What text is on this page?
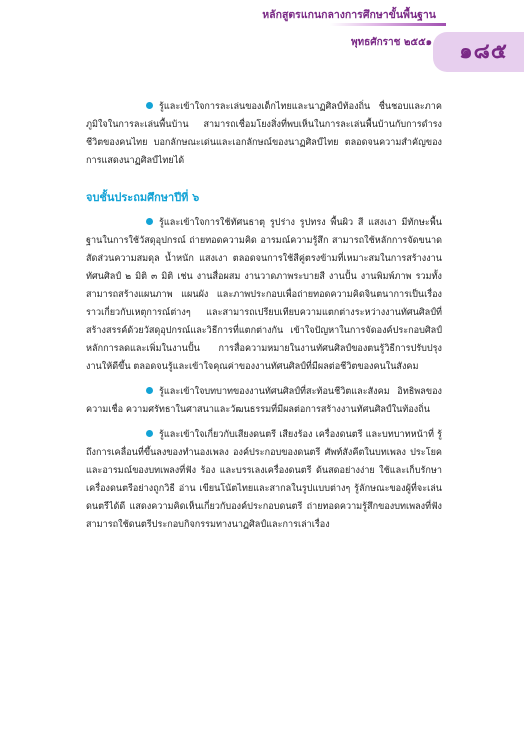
หลักสูตรแกนกลางการศึกษาขั้นพื้นฐาน
พุทธศักราช ๒๕๕๑	๑๘๕

รู้และเข้าใจการละเล่นของเด็กไทยและนาฏศิลป์ท้องถิ่น ชื่นชอบและภาคภูมิใจในการละเล่นพื้นบ้าน สามารถเชื่อมโยงสิ่งที่พบเห็นในการละเล่นพื้นบ้านกับการดำรงชีวิตของคนไทย บอกลักษณะเด่นและเอกลักษณ์ของนาฏศิลป์ไทย ตลอดจนความสำคัญของการแสดงนาฏศิลป์ไทยได้

จบชั้นประถมศึกษาปีที่ ๖

รู้และเข้าใจการใช้ทัศนธาตุ รูปร่าง รูปทรง พื้นผิว สี แสงเงา มีทักษะพื้นฐานในการใช้วัสดุอุปกรณ์ ถ่ายทอดความคิด อารมณ์ความรู้สึก สามารถใช้หลักการจัดขนาดสัดส่วนความสมดุล น้ำหนัก แสงเงา ตลอดจนการใช้สีคู่ตรงข้ามที่เหมาะสมในการสร้างงานทัศนศิลป์ ๒ มิติ ๓ มิติ เช่น งานสื่อผสม งานวาดภาพระบายสี งานปั้น งานพิมพ์ภาพ รวมทั้งสามารถสร้างแผนภาพ แผนผัง และภาพประกอบเพื่อถ่ายทอดความคิดจินตนาการเป็นเรื่องราวเกี่ยวกับเหตุการณ์ต่างๆ และสามารถเปรียบเทียบความแตกต่างระหว่างงานทัศนศิลป์ที่สร้างสรรค์ด้วยวัสดุอุปกรณ์และวิธีการที่แตกต่างกัน เข้าใจปัญหาในการจัดองค์ประกอบศิลป์ หลักการลดและเพิ่มในงานปั้น การสื่อความหมายในงานทัศนศิลป์ของตนรู้วิธีการปรับปรุงงานให้ดีขึ้น ตลอดจนรู้และเข้าใจคุณค่าของงานทัศนศิลป์ที่มีผลต่อชีวิตของคนในสังคม

รู้และเข้าใจบทบาทของงานทัศนศิลป์ที่สะท้อนชีวิตและสังคม อิทธิพลของความเชื่อ ความศรัทธาในศาสนาและวัฒนธรรมที่มีผลต่อการสร้างงานทัศนศิลป์ในท้องถิ่น

รู้และเข้าใจเกี่ยวกับเสียงดนตรี เสียงร้อง เครื่องดนตรี และบทบาทหน้าที่ รู้ถึงการเคลื่อนที่ขึ้นลงของทำนองเพลง องค์ประกอบของดนตรี ศัพท์สังคีตในบทเพลง ประโยคและอารมณ์ของบทเพลงที่ฟัง ร้อง และบรรเลงเครื่องดนตรี ด้นสดอย่างง่าย ใช้และเก็บรักษาเครื่องดนตรีอย่างถูกวิธี อ่าน เขียนโน้ตไทยและสากลในรูปแบบต่างๆ รู้ลักษณะของผู้ที่จะเล่นดนตรีได้ดี แสดงความคิดเห็นเกี่ยวกับองค์ประกอบดนตรี ถ่ายทอดความรู้สึกของบทเพลงที่ฟัง สามารถใช้ดนตรีประกอบกิจกรรมทางนาฏศิลป์และการเล่าเรื่อง
